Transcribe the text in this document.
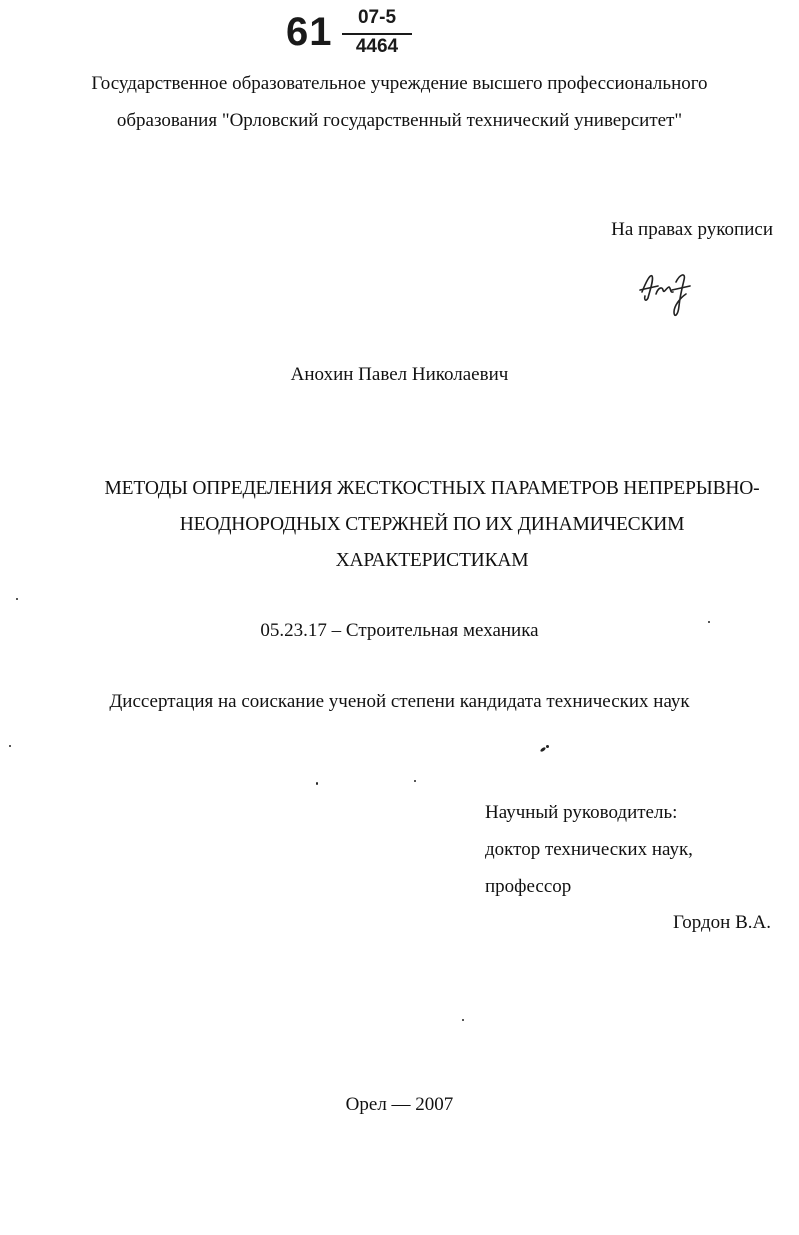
61	07-5
4464
Государственное образовательное учреждение высшего профессионального
образования "Орловский государственный технический университет"
На правах рукописи
Анохин Павел Николаевич
МЕТОДЫ ОПРЕДЕЛЕНИЯ ЖЕСТКОСТНЫХ ПАРАМЕТРОВ НЕПРЕРЫВНО-
НЕОДНОРОДНЫХ СТЕРЖНЕЙ ПО ИХ ДИНАМИЧЕСКИМ
ХАРАКТЕРИСТИКАМ
05.23.17 – Строительная механика
Диссертация на соискание ученой степени кандидата технических наук
Научный руководитель:
доктор технических наук,
профессор
Гордон В.А.
Орел — 2007
